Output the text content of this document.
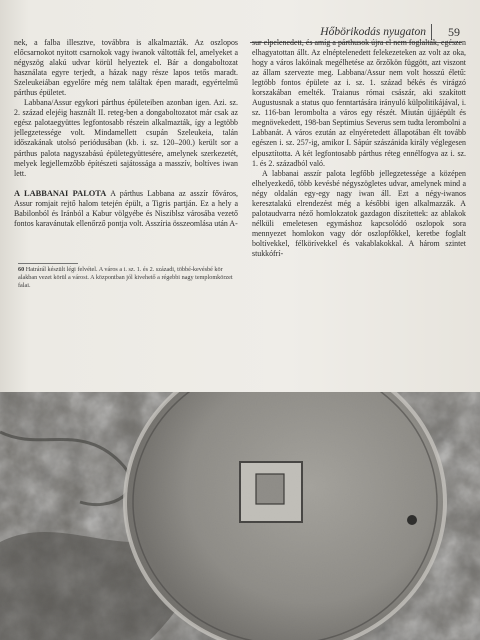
Hőbörikodás nyugaton 59

nek, a falba illesztve, továbbra is alkalmazták. Az oszlopos előcsarnokot nyitott csarnokok vagy iwanok váltották fel, amelyeket a négyszög alakú udvar körül helyeztek el. Bár a dongaboltozat használata egyre terjedt, a házak nagy része lapos tetős maradt. Szeleukeiában egyelőre még nem találtak épen maradt, egyértelmű párthus épületet.

Labbana/Assur egykori párthus épületeiben azonban igen. Azi. sz. 2. század elejéig használt II. reteg-ben a dongaboltozatot már csak az egész palotaegyüttes legfontosabb részein alkalmazták, így a legtöbb jellegzetessége volt. Mindamellett csupán Szeleukeia, talán időszakának utolsó periódusában (kb. i. sz. 120–200.) került sor a párthus palota nagyszabású épületegyüttesére, amelynek szerkezetét, melyek legjellemzőbb építészeti sajátossága a masszív, boltíves iwan lett.

A LABBANAI PALOTA A párthus Labbana az asszír főváros, Assur romjait rejtő halom tetején épült, a Tigris partján. Ez a hely a Babilonból és Iránból a Kabur völgyébe és Nisziblsz városába vezető fontos karavánutak ellenőrző pontja volt. Asszíria összeomlása után A-

60 Hatrárál készült légi felvétel. A város a i. sz. 1. és 2. századi, többé-kevésbé kör alakban vezet körül a várost. A központban jól kivehető a régebbi nagy templomkörzet falai.

sur elpelenedett, és amíg a párthusok újra el nem foglalták, egészen elhagyatottan állt. Az elnéptelenedett felekezeteken az volt az oka, hogy a város lakóinak megélhetése az őrzőkön függött, azt viszont az állam szervezte meg. Labbana/Assur nem volt hosszú életű: legtöbb fontos épülete az i. sz. 1. század békés és virágzó korszakában emelték. Traianus római császár, aki szakított Augustusnak a status quo fenntartására irányuló külpolitikájával, i. sz. 116-ban lerombolta a város egy részét. Miután újjáépült és megnövekedett, 198-ban Septimius Severus sem tudta lerombolni a Labbanát. A város ezután az elnyéretedett állapotában élt tovább egészen i. sz. 257-ig, amikor I. Sápúr szászánida király véglegesen elpusztította. A két legfontosabb párthus réteg ennélfogva az i. sz. 1. és 2. századból való.

A labbanai asszír palota legfőbb jellegzetessége a középen elhelyezkedő, több kevésbé négyszögletes udvar, amelynek mind a négy oldalán egy-egy nagy iwan áll. Ezt a négy-iwanos keresztalakú elrendezést még a későbbi igen alkalmazzák. A palotaudvarra néző homlokzatok gazdagon díszítettek: az ablakok nélküli emeletesen egymáshoz kapcsolódó oszlopok sora mennyezet homlokon vagy dór oszlopfőkkel, keretbe foglalt boltívekkel, félkörívekkel és vakablakokkal. A három szintet stukkófrí-
